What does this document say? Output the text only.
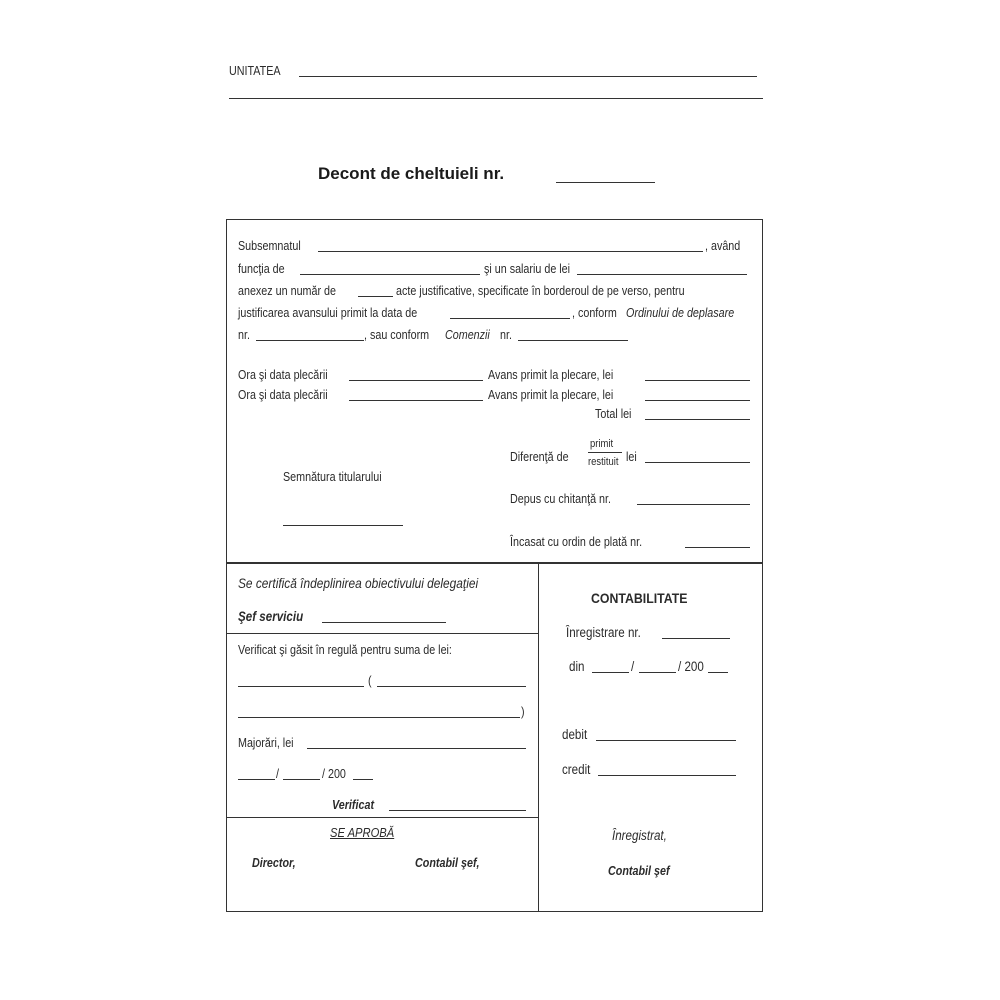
UNITATEA
Decont de cheltuieli nr.
Subsemnatul	, având
funcţia de	şi un salariu de lei
anexez un număr de	acte justificative, specificate în borderoul de pe verso, pentru
justificarea avansului primit la data de	, conform Ordinului de deplasare
nr.	, sau conform Comenzii nr.
Ora şi data plecării	Avans primit la plecare, lei
Ora şi data plecării	Avans primit la plecare, lei
Total lei
Diferenţă de
primit
restituit lei
Semnătura titularului
Depus cu chitanţă nr.
Încasat cu ordin de plată nr.
Se certifică îndeplinirea obiectivului delegaţiei
Şef serviciu
Verificat şi găsit în regulă pentru suma de lei:
(
)
Majorări, lei
/	/ 200
Verificat
SE APROBĂ
Director,	Contabil şef,
CONTABILITATE
Înregistrare nr.
din	/	/ 200
debit
credit
Înregistrat,
Contabil şef
